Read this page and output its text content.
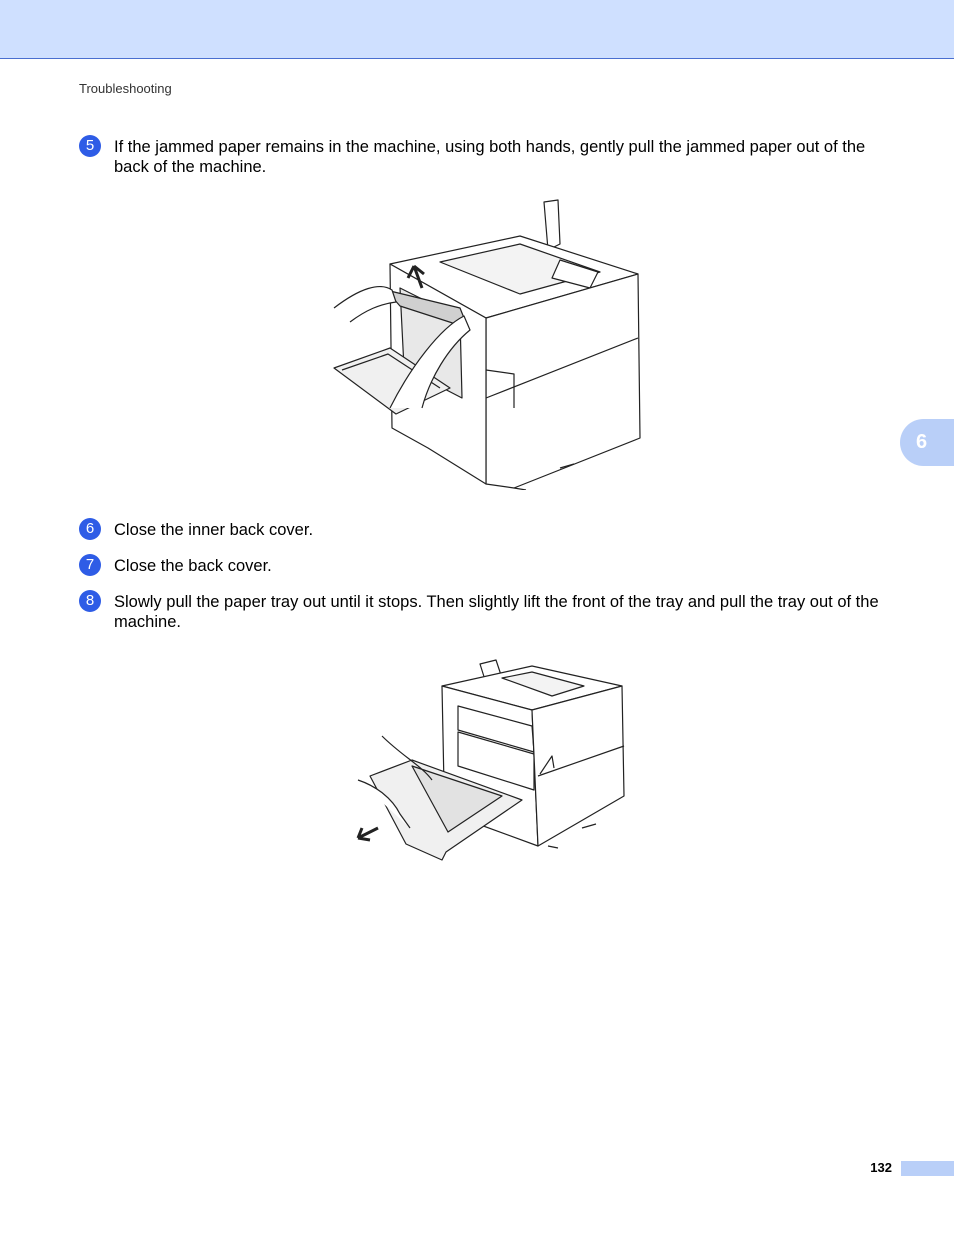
Troubleshooting
5	If the jammed paper remains in the machine, using both hands, gently pull the jammed paper out of the back of the machine.
6	Close the inner back cover.
7	Close the back cover.
8	Slowly pull the paper tray out until it stops. Then slightly lift the front of the tray and pull the tray out of the machine.
6
132
